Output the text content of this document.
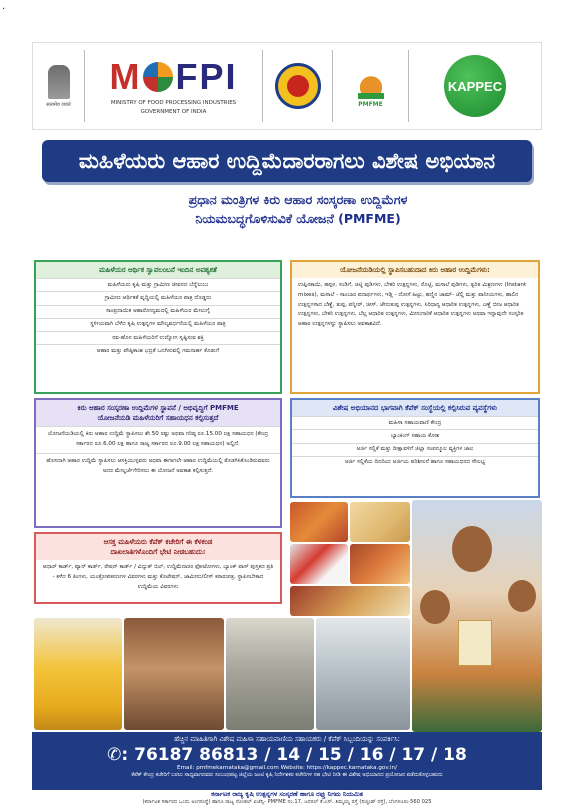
·
सत्यमेव जयते
M FPI
MINISTRY OF FOOD PROCESSING INDUSTRIES
GOVERNMENT OF INDIA
PMFME
KAPPEC
ಮಹಿಳೆಯರು ಆಹಾರ ಉದ್ದಿಮೆದಾರರಾಗಲು ವಿಶೇಷ ಅಭಿಯಾನ
ಪ್ರಧಾನ ಮಂತ್ರಿಗಳ ಕಿರು ಆಹಾರ ಸಂಸ್ಕರಣಾ ಉದ್ದಿಮೆಗಳ
ನಿಯಮಬದ್ಧಗೊಳಿಸುವಿಕೆ ಯೋಜನೆ (PMFME)
ಮಹಿಳೆಯರ ಆರ್ಥಿಕ ಸ್ವಾವಲಂಬನೆ ಇಂದಿನ ಅವಶ್ಯಕತೆ
ಮಹಿಳೆಯರು ಕೃಷಿ ಮತ್ತು ಗ್ರಾಮೀಣ ಜೀವನದ ಬೆನ್ನೆಲುಬು
ಗ್ರಾಮೀಣ ಆರ್ಥಿಕತೆ ವೃದ್ಧಿಯಲ್ಲಿ ಮಹಿಳೆಯರ ಪಾತ್ರ ದೊಡ್ಡದು
ಸಾಂಪ್ರದಾಯಿಕ ಆಹಾರೋದ್ಯಮದಲ್ಲಿ ಮಹಿಳೆಯರ ಮೇಲುಗೈ
ಸ್ಥಳೀಯವಾಗಿ ಬೆಳೆದ ಕೃಷಿ ಉತ್ಪನ್ನಗಳ ಮೌಲ್ಯವರ್ಧನೆಯಲ್ಲಿ ಮಹಿಳೆಯರ ಪಾತ್ರ
ನವ-ಹೊಸ ಮಹಿಳೆಯರಿಗೆ ಉದ್ಯೋಗ ಸೃಷ್ಟಿಸುವ ಶಕ್ತಿ
ಆಹಾರ ಮತ್ತು ಪೌಷ್ಠಿಕಾಂಶ ಭದ್ರತೆ ಒದಗಿಸುವಲ್ಲಿ ಗಮನಾರ್ಹ ಕೊಡುಗೆ
ಯೋಜನೆಯಡಿಯಲ್ಲಿ ಸ್ಥಾಪಿಸಬಹುದಾದ ಕಿರು ಆಹಾರ ಉದ್ದಿಮೆಗಳು:
ಉಪ್ಪಿನಕಾಯಿ, ಹಪ್ಪಳ, ಸಂಡಿಗೆ, ಚಟ್ನಿ ಪುಡಿಗಳು, ಬೇಕರಿ ಉತ್ಪನ್ನಗಳು, ರೊಟ್ಟಿ, ಮಸಾಲೆ ಪುಡಿಗಳು, ತ್ವರಿತ ಮಿಶ್ರಣಗಳು (Instant mixes), ಮಸಾಲೆ - ಸಾಂಬಾರ ಪದಾರ್ಥಗಳು, ಇಡ್ಲಿ - ದೋಸೆ ಹಿಟ್ಟು, ಹಣ್ಣಿನ ಜಾಮ್- ಜೆಲ್ಲಿ ಮತ್ತು ಪಾನೀಯಗಳು, ಹಾಲಿನ ಉತ್ಪನ್ನಗಳಾದ ಬೆಣ್ಣೆ, ತುಪ್ಪ, ಪನ್ನೀರ್, ಚೀಸ್, ಜೇನುತುಪ್ಪ ಉತ್ಪನ್ನಗಳು, ಸಿರಿಧಾನ್ಯ ಆಧಾರಿತ ಉತ್ಪನ್ನಗಳು, ಎಣ್ಣೆ ಬೀಜ ಆಧಾರಿತ ಉತ್ಪನ್ನಗಳು, ಬೇಕರಿ ಉತ್ಪನ್ನಗಳು, ಬೆಲ್ಲ ಆಧಾರಿತ ಉತ್ಪನ್ನಗಳು, ಮೀನುಗಾರಿಕೆ ಆಧಾರಿತ ಉತ್ಪನ್ನಗಳು ಅಥವಾ ಇನ್ನಾವುದೇ ಸಂಸ್ಕರಿತ ಆಹಾರ ಉತ್ಪನ್ನಗಳನ್ನು ಸ್ಥಾಪಿಸಲು ಅವಕಾಶವಿದೆ.
ಕಿರು ಆಹಾರ ಸಂಸ್ಕರಣಾ ಉದ್ದಿಮೆಗಳ ಸ್ಥಾಪನೆ / ಅಭಿವೃದ್ಧಿಗೆ PMFME
ಯೋಜನೆಯಡಿ ಮಹಿಳೆಯರಿಗೆ ಸಹಾಯಧನ ಕಲ್ಪಿಸುತ್ತದೆ
ಯೋಜನೆಯಡಿಯಲ್ಲಿ ಕಿರು ಆಹಾರ ಉದ್ದಿಮೆ ಸ್ಥಾಪಿಸಲು ಶೇ.50 ರಷ್ಟು ಅಥವಾ ಗರಿಷ್ಠ ರೂ.15.00 ಲಕ್ಷ ಸಹಾಯಧನ (ಕೇಂದ್ರ ಸರ್ಕಾರದ ರೂ.6.00 ಲಕ್ಷ ಹಾಗೂ ರಾಜ್ಯ ಸರ್ಕಾರದ ರೂ.9.00 ಲಕ್ಷ ಸಹಾಯಧನ) ಅಲ್ಲಿದೆ.
ಹೊಸದಾಗಿ ಆಹಾರ ಉದ್ದಿಮೆ ಸ್ಥಾಪಿಸಲು ಆಸಕ್ತಿಯುಳ್ಳವರು ಅಥವಾ ಈಗಾಗಲೇ ಆಹಾರ ಉದ್ದಿಮೆಯಲ್ಲಿ ತೊಡಗಿಸಿಕೊಂಡಿರುವವರು ಅದರ ಮೇಲ್ದರ್ಜೆಗೇರಿಸಲು ಈ ಯೋಜನೆ ಅವಕಾಶ ಕಲ್ಪಿಸುತ್ತದೆ.
ವಿಶೇಷ ಅಭಿಯಾನದ ಭಾಗವಾಗಿ ಕೆಪೆಕ್ ಸಂಸ್ಥೆಯಲ್ಲಿ ಕಲ್ಪಿಸಿರುವ ವ್ಯವಸ್ಥೆಗಳು
ಮಹಿಳಾ ಸಹಾಯವಾಣಿ ಕೇಂದ್ರ
ಬ್ಯಾಂಕಿಂಗ್ ಸಹಾಯ ಕೋಶ
ಅರ್ಜಿ ಸಲ್ಲಿಕೆ ಮತ್ತು ದೀಕ್ಷಾವಳಿಗೆ ಜಿಲ್ಲಾ ಸಂಪನ್ಮೂಲ ವ್ಯಕ್ತಿಗಳ ಜಾಲ
ಅರ್ಜಿ ಸಲ್ಲಿಕೆಯ ದಿನದಿಂದ ಅರ್ಜಿಯ ಪರಿಶೀಲನೆ ಹಾಗೂ ಸಹಾಯಧನದ ಸೌಲಭ್ಯ
ಆಸಕ್ತ ಮಹಿಳೆಯರು ಕೆಪೆಕ್ ಕಚೇರಿಗೆ ಈ ಕೆಳಕಂಡ
ದಾಖಲಾತಿಗಳೊಂದಿಗೆ ಭೇಟಿ ನೀಡಬಹುದು:
ಆಧಾರ್ ಕಾರ್ಡ್, ಪ್ಯಾನ್ ಕಾರ್ಡ್, ರೇಷನ್ ಕಾರ್ಡ್ / ವಿದ್ಯುತ್ ಬಿಲ್, ಉದ್ದಿಮೆದಾರರ ಫೋಟೋಗಳು, ಬ್ಯಾಂಕ್ ಪಾಸ್ ಪುಸ್ತಕದ ಪ್ರತಿ - ಕಳೆದ 6 ತಿಂಗಳು, ಯಂತ್ರೋಪಕರಣಗಳ ವಿವರಗಳು ಮತ್ತು ಕೊಟೇಷನ್, ಜಾಮೀನು/ಲೀಸ್ ಕರಾರುಪತ್ರ, ಸ್ಥಾಪಿಸಬೇಕಾದ ಉದ್ದಿಮೆಯ ವಿವರಗಳು
ಹೆಚ್ಚಿನ ಮಾಹಿತಿಗಾಗಿ ವಿಶೇಷ ಮಹಿಳಾ ಸಹಾಯವಾಣಿಯ ಸಹಾಯಕರು / ಕೆಪೆಕ್ ಸಿಬ್ಬಂದಿಯನ್ನು ಸಂಪರ್ಕಿಸಿ:
✆: 76187 86813 / 14 / 15 / 16 / 17 / 18
Email: pmfmekarnataka@gmail.com Website: https://kappec.karnataka.gov.in/
ಕೆಪೆಕ್ ಕೇಂದ್ರ ಕಚೇರಿಗೆ ಬರಲು ಸಾಧ್ಯವಾಗದವರು ಸಂಬಂಧಪಟ್ಟ ಜಿಲ್ಲೆಯ ಜಂಟಿ ಕೃಷಿ ನಿರ್ದೇಶಕರ ಕಚೇರಿಗಳ ಸಹ ಭೇಟಿ ನೀಡಿ ಈ ವಿಶೇಷ ಅಭಿಯಾನದ ಪ್ರಯೋಜನ ಪಡೆದುಕೊಳ್ಳಬಹುದು
ಕರ್ನಾಟಕ ರಾಜ್ಯ ಕೃಷಿ ಉತ್ಪನ್ನಗಳ ಸಂಸ್ಕರಣೆ ಹಾಗೂ ರಫ್ತು ನಿಗಮ ನಿಯಮಿತ
(ಕರ್ನಾಟಕ ಸರ್ಕಾರದ ಒಂದು ಅಂಗಸಂಸ್ಥೆ) ಹಾಗೂ ರಾಜ್ಯ ನೋಡಲ್ ಏಜೆನ್ಸಿ- PMFME ನಂ.17, ಜನರಲ್ ಕೆ.ಎಸ್. ತಿಮ್ಮಯ್ಯ ರಸ್ತೆ (ರಿಚ್ಮಂಡ್ ರಸ್ತೆ), ಬೆಂಗಳೂರು-560 025
